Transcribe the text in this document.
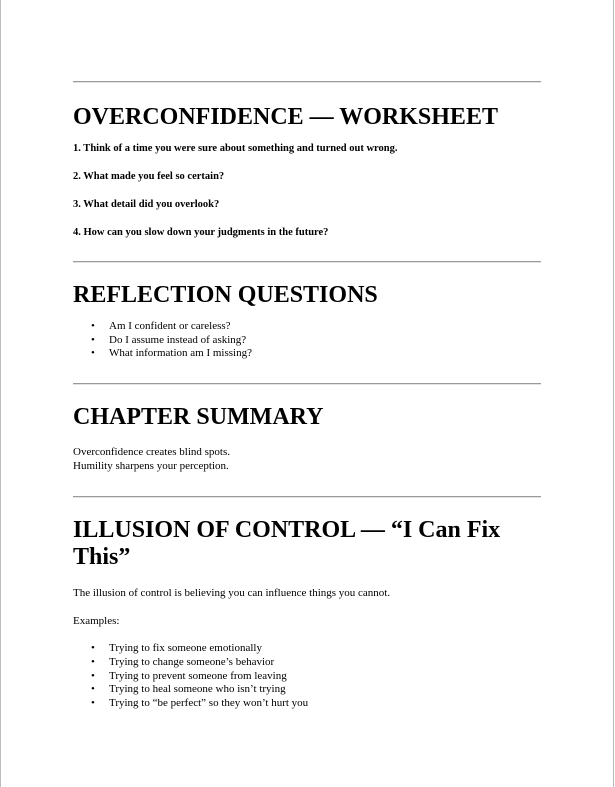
OVERCONFIDENCE — WORKSHEET

1. Think of a time you were sure about something and turned out wrong.

2. What made you feel so certain?

3. What detail did you overlook?

4. How can you slow down your judgments in the future?

REFLECTION QUESTIONS
• Am I confident or careless?
• Do I assume instead of asking?
• What information am I missing?
CHAPTER SUMMARY

Overconfidence creates blind spots.

Humility sharpens your perception.

ILLUSION OF CONTROL — “I Can Fix This”

The illusion of control is believing you can influence things you cannot.

Examples:

• Trying to fix someone emotionally
• Trying to change someone’s behavior
• Trying to prevent someone from leaving
• Trying to heal someone who isn’t trying
• Trying to “be perfect” so they won’t hurt you
